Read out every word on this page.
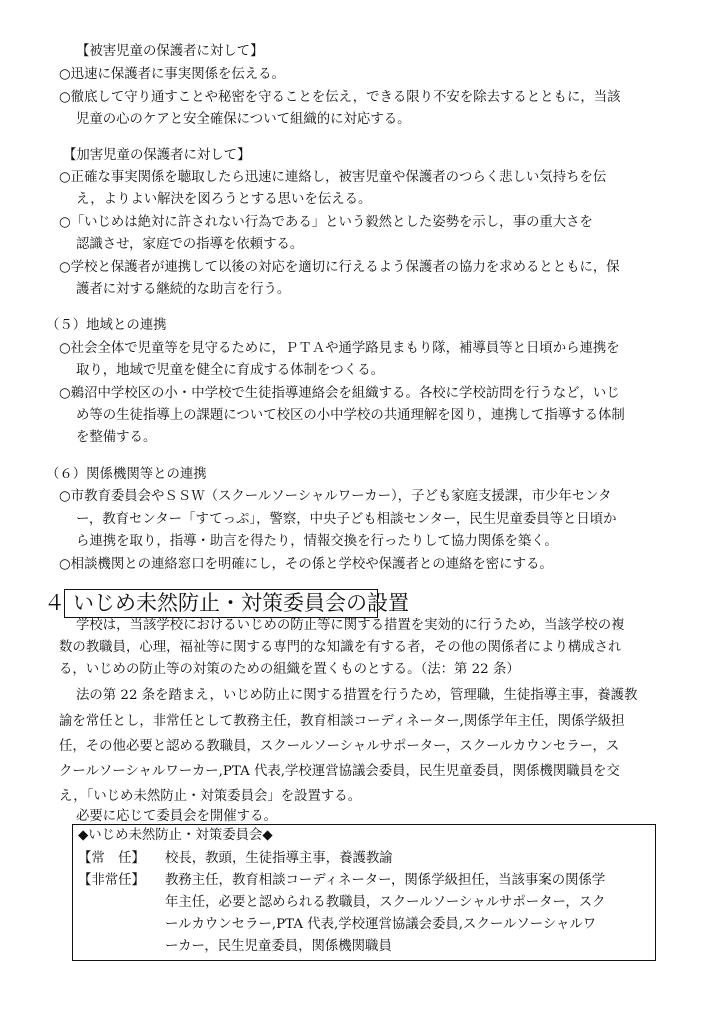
【被害児童の保護者に対して】
○迅速に保護者に事実関係を伝える。
○徹底して守り通すことや秘密を守ることを伝え，できる限り不安を除去するとともに，当該
児童の心のケアと安全確保について組織的に対応する。
【加害児童の保護者に対して】
○正確な事実関係を聴取したら迅速に連絡し，被害児童や保護者のつらく悲しい気持ちを伝
え，よりよい解決を図ろうとする思いを伝える。
○「いじめは絶対に許されない行為である」という毅然とした姿勢を示し，事の重大さを
認識させ，家庭での指導を依頼する。
○学校と保護者が連携して以後の対応を適切に行えるよう保護者の協力を求めるとともに，保
護者に対する継続的な助言を行う。
（５）地域との連携
○社会全体で児童等を見守るために，ＰＴＡや通学路見まもり隊，補導員等と日頃から連携を
取り，地域で児童を健全に育成する体制をつくる。
○鵜沼中学校区の小・中学校で生徒指導連絡会を組織する。各校に学校訪問を行うなど，いじ
め等の生徒指導上の課題について校区の小中学校の共通理解を図り，連携して指導する体制
を整備する。
（６）関係機関等との連携
○市教育委員会やＳＳＷ（スクールソーシャルワーカー），子ども家庭支援課，市少年センタ
ー，教育センター「すてっぷ」，警察，中央子ども相談センター，民生児童委員等と日頃か
ら連携を取り，指導・助言を得たり，情報交換を行ったりして協力関係を築く。
○相談機関との連絡窓口を明確にし，その係と学校や保護者との連絡を密にする。
４ いじめ未然防止・対策委員会の設置
学校は，当該学校におけるいじめの防止等に関する措置を実効的に行うため，当該学校の複
数の教職員，心理，福祉等に関する専門的な知識を有する者，その他の関係者により構成され
る，いじめの防止等の対策のための組織を置くものとする。（法：第 22 条）
法の第 22 条を踏まえ，いじめ防止に関する措置を行うため，管理職，生徒指導主事，養護教
諭を常任とし，非常任として教務主任，教育相談コーディネーター,関係学年主任，関係学級担
任，その他必要と認める教職員，スクールソーシャルサポーター，スクールカウンセラー，ス
クールソーシャルワーカー,PTA 代表,学校運営協議会委員，民生児童委員，関係機関職員を交
え，「いじめ未然防止・対策委員会」を設置する。
必要に応じて委員会を開催する。
◆いじめ未然防止・対策委員会◆
【常　任】 校長，教頭，生徒指導主事，養護教諭
【非常任】 教務主任，教育相談コーディネーター，関係学級担任，当該事案の関係学
年主任，必要と認められる教職員，スクールソーシャルサポーター，スク
ールカウンセラー,PTA 代表,学校運営協議会委員,スクールソーシャルワ
ーカー，民生児童委員，関係機関職員
